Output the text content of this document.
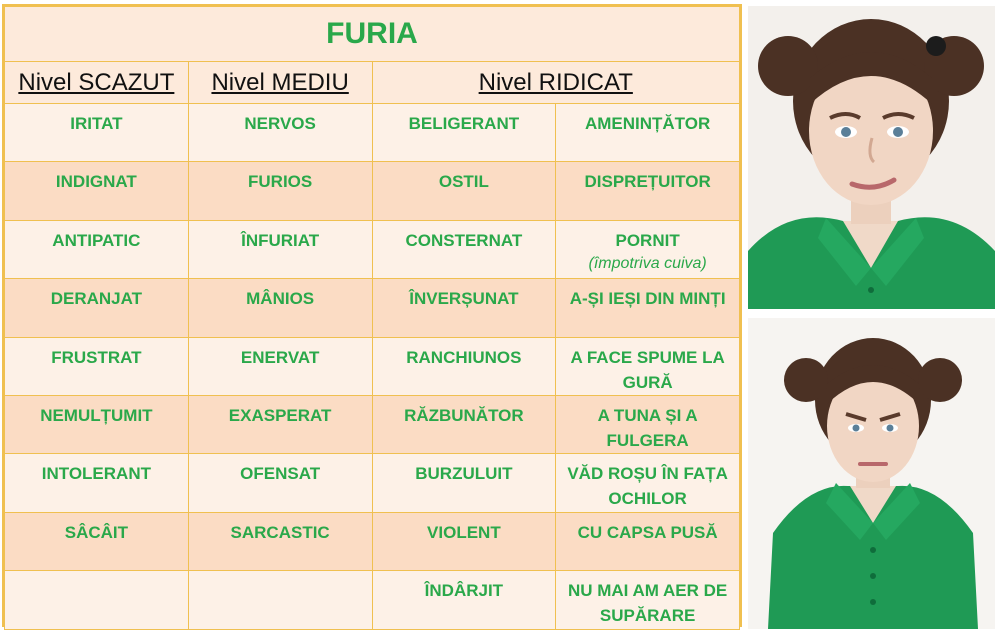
FURIA			
Nivel SCAZUT	Nivel MEDIU	Nivel RIDICAT	
IRITAT	NERVOS	BELIGERANT	AMENINȚĂTOR
INDIGNAT	FURIOS	OSTIL	DISPREȚUITOR
ANTIPATIC	ÎNFURIAT	CONSTERNAT	PORNIT
(împotriva cuiva)

DERANJAT	MÂNIOS	ÎNVERȘUNAT	A-ȘI IEȘI DIN MINȚI
FRUSTRAT	ENERVAT	RANCHIUNOS	A FACE SPUME LA GURĂ
NEMULȚUMIT	EXASPERAT	RĂZBUNĂTOR	A TUNA ȘI A FULGERA
INTOLERANT	OFENSAT	BURZULUIT	VĂD ROȘU ÎN FAȚA OCHILOR
SÂCÂIT	SARCASTIC	VIOLENT	CU CAPSA PUSĂ
		ÎNDÂRJIT	NU MAI AM AER DE SUPĂRARE
